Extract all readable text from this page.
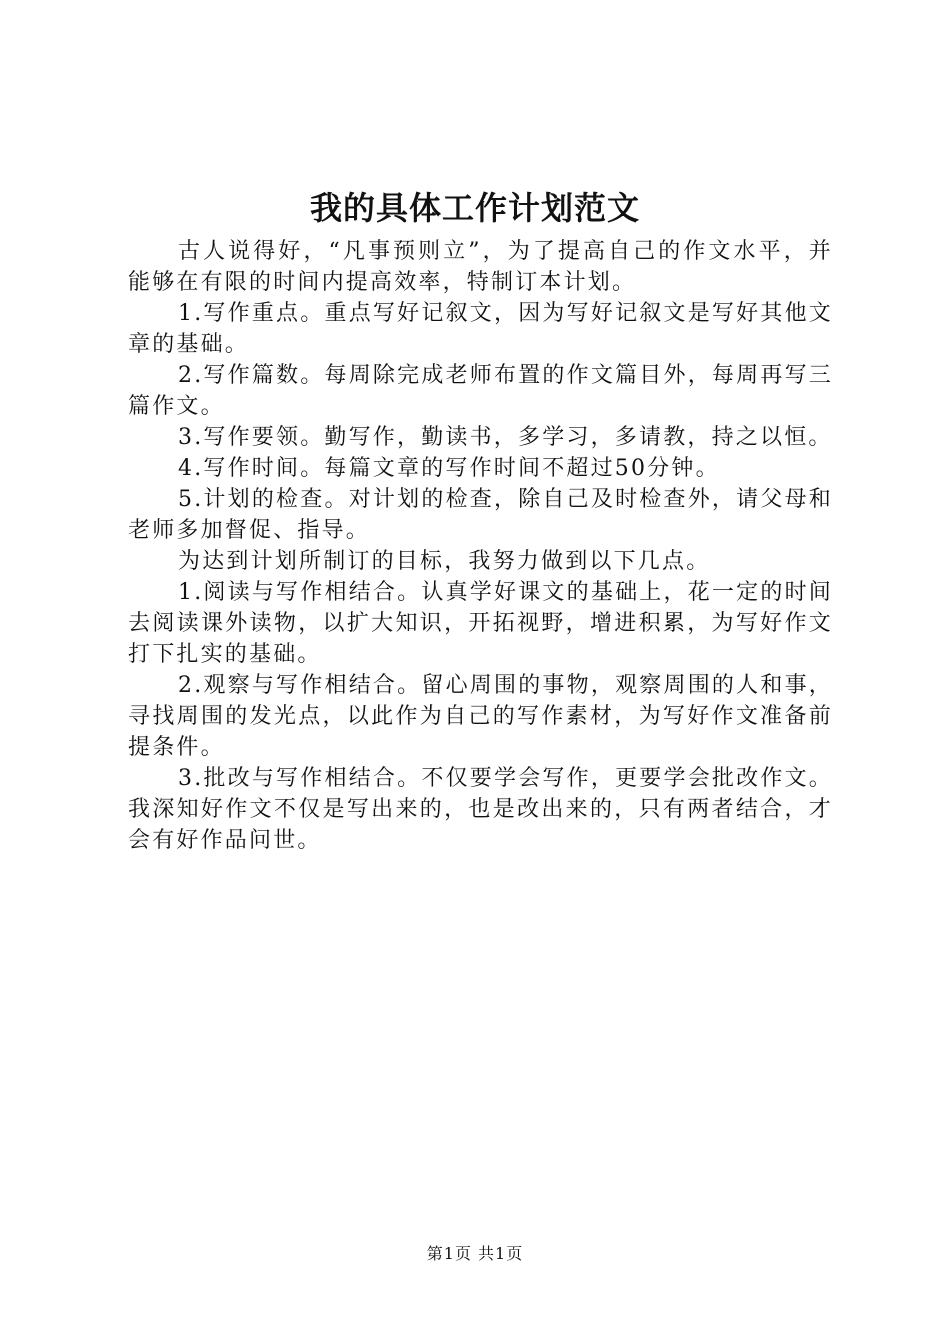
我的具体工作计划范文

古人说得好，“凡事预则立”，为了提高自己的作文水平，并能够在有限的时间内提高效率，特制订本计划。

1.写作重点。重点写好记叙文，因为写好记叙文是写好其他文章的基础。

2.写作篇数。每周除完成老师布置的作文篇目外，每周再写三篇作文。

3.写作要领。勤写作，勤读书，多学习，多请教，持之以恒。

4.写作时间。每篇文章的写作时间不超过50分钟。

5.计划的检查。对计划的检查，除自己及时检查外，请父母和老师多加督促、指导。

为达到计划所制订的目标，我努力做到以下几点。

1.阅读与写作相结合。认真学好课文的基础上，花一定的时间去阅读课外读物，以扩大知识，开拓视野，增进积累，为写好作文打下扎实的基础。

2.观察与写作相结合。留心周围的事物，观察周围的人和事，寻找周围的发光点，以此作为自己的写作素材，为写好作文准备前提条件。

3.批改与写作相结合。不仅要学会写作，更要学会批改作文。我深知好作文不仅是写出来的，也是改出来的，只有两者结合，才会有好作品问世。

第1页 共1页
